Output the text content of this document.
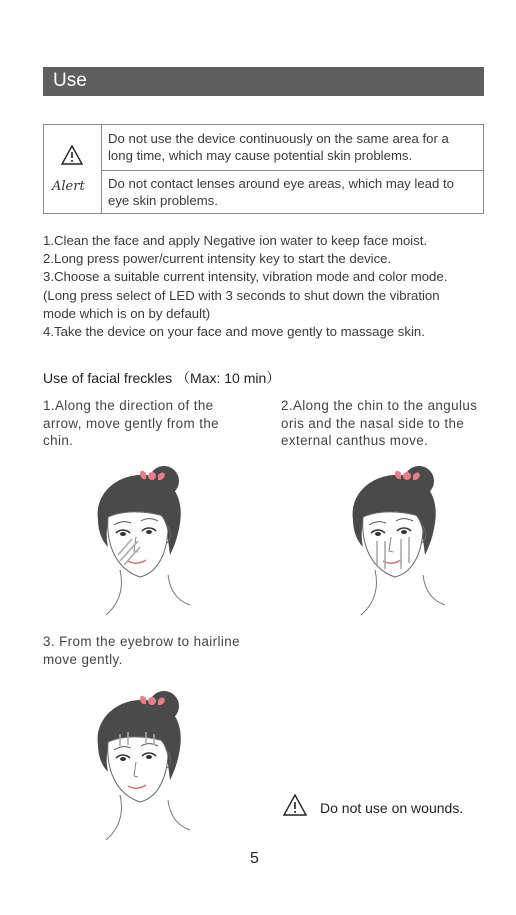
Use
Alert
Do not use the device continuously on the same area for a long time, which may cause potential skin problems.
Do not contact lenses around eye areas, which may lead to eye skin problems.
1.Clean the face and apply Negative ion water to keep face moist.
2.Long press power/current intensity key to start the device.
3.Choose a suitable current intensity, vibration mode and color mode.
(Long press select of LED with 3 seconds to shut down the vibration
mode which is on by default)
4.Take the device on your face and move gently to massage skin.
Use of facial freckles （Max: 10 min）
1.Along the direction of the arrow, move gently from the chin.
2.Along the chin to the angulus oris and the nasal side to the external canthus move.
3. From the eyebrow to hairline move gently.
Do not use on wounds.
5
